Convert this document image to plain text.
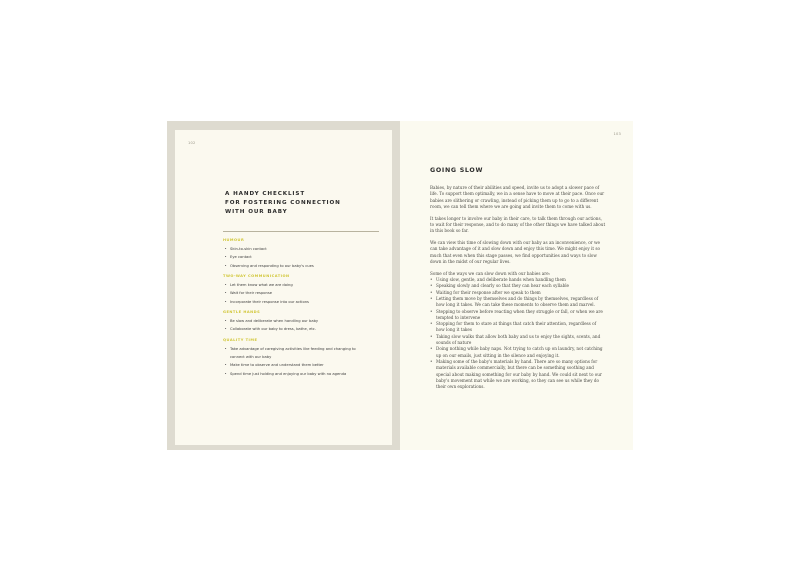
102
A HANDY CHECKLIST
FOR FOSTERING CONNECTION
WITH OUR BABY
HUMOUR
• Skin-to-skin contact
• Eye contact
• Observing and responding to our baby's cues
TWO-WAY COMMUNICATION
• Let them know what we are doing
• Wait for their response
• Incorporate their response into our actions
GENTLE HANDS
• Be slow and deliberate when handling our baby
• Collaborate with our baby to dress, bathe, etc.
QUALITY TIME
• Take advantage of caregiving activities like feeding and changing to connect with our baby
• Make time to observe and understand them better
• Spend time just holding and enjoying our baby with no agenda
103
GOING SLOW

Babies, by nature of their abilities and speed, invite us to adopt a slower pace of life. To support them optimally, we in a sense have to move at their pace. Once our babies are slithering or crawling, instead of picking them up to go to a different room, we can tell them where we are going and invite them to come with us.

It takes longer to involve our baby in their care, to talk them through our actions, to wait for their response, and to do many of the other things we have talked about in this book so far.

We can view this time of slowing down with our baby as an inconvenience, or we can take advantage of it and slow down and enjoy this time. We might enjoy it so much that even when this stage passes, we find opportunities and ways to slow down in the midst of our regular lives.

Some of the ways we can slow down with our babies are:

• Using slow, gentle, and deliberate hands when handling them
• Speaking slowly and clearly so that they can hear each syllable
• Waiting for their response after we speak to them
• Letting them move by themselves and do things by themselves, regardless of how long it takes. We can take these moments to observe them and marvel.
• Stepping to observe before reacting when they struggle or fall, or when we are tempted to intervene
• Stopping for them to stare at things that catch their attention, regardless of how long it takes
• Taking slow walks that allow both baby and us to enjoy the sights, scents, and sounds of nature
• Doing nothing while baby naps. Not trying to catch up on laundry, not catching up on our emails, just sitting in the silence and enjoying it.
• Making some of the baby's materials by hand. There are so many options for materials available commercially, but there can be something soothing and special about making something for our baby by hand. We could sit next to our baby's movement mat while we are working, so they can see us while they do their own explorations.
